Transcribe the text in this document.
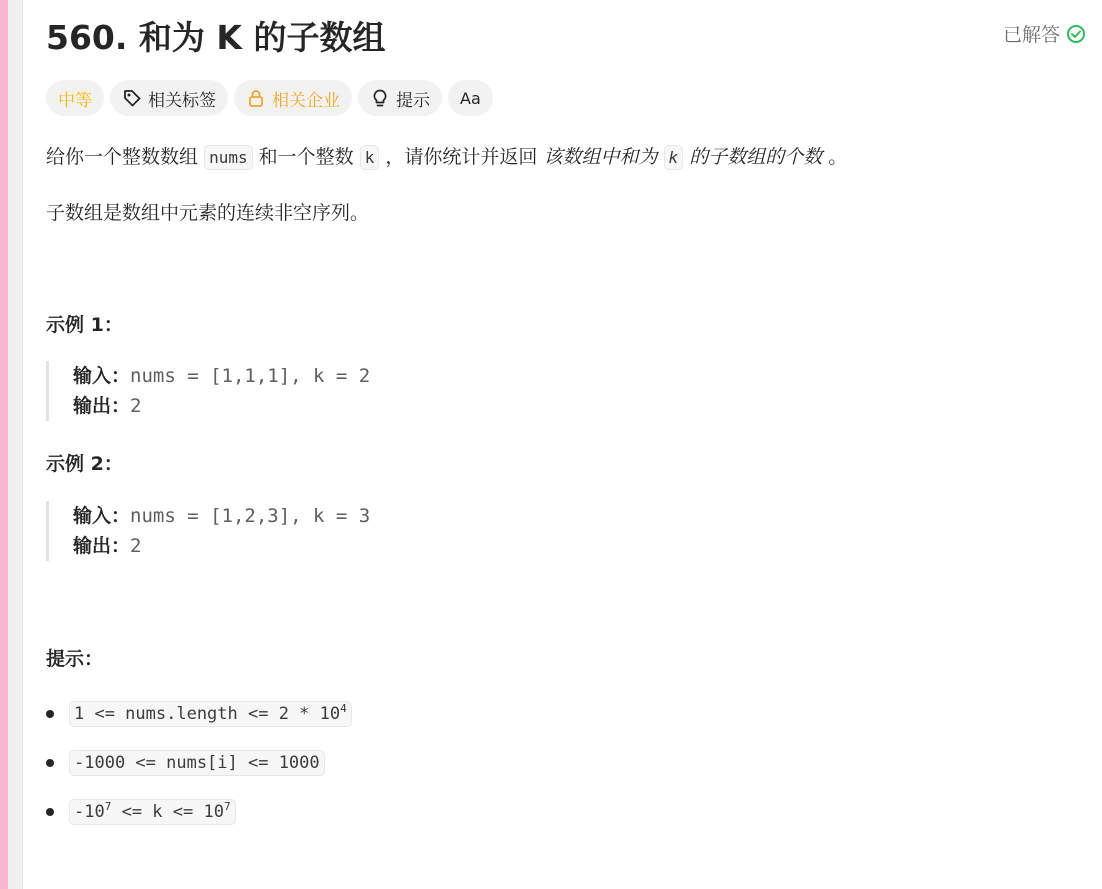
560. 和为 K 的子数组	已解答
中等	相关标签	相关企业	提示 Aa
给你一个整数数组 nums 和一个整数 k ，请你统计并返回 该数组中和为 k 的子数组的个数 。
子数组是数组中元素的连续非空序列。
示例 1：
输入：nums = [1,1,1], k = 2
输出：2
示例 2：
输入：nums = [1,2,3], k = 3
输出：2
提示：
1 <= nums.length <= $2 * 10^4$
-1000 <= nums[i] <= 1000
$-10^7 <= k <= 10^7$
